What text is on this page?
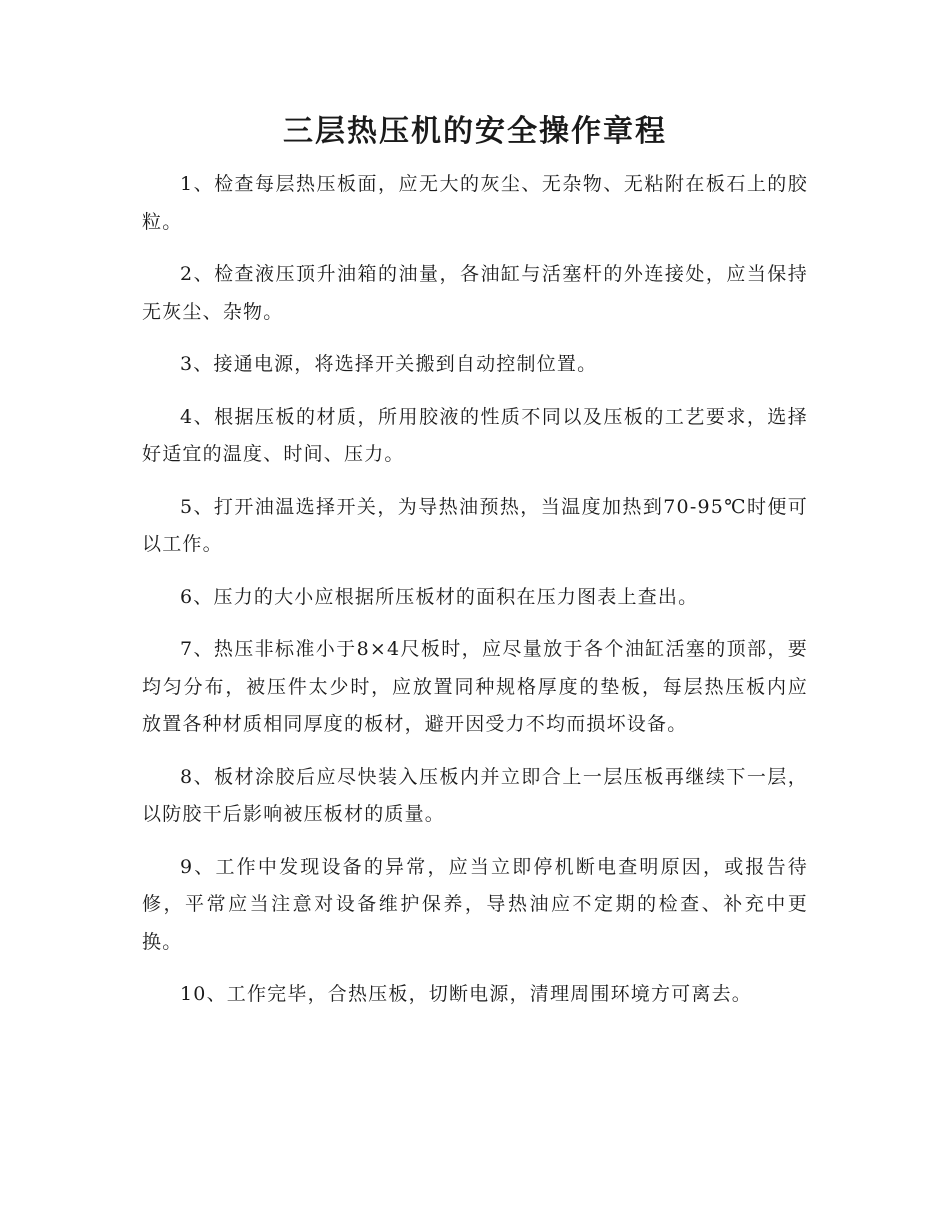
三层热压机的安全操作章程

1、检查每层热压板面，应无大的灰尘、无杂物、无粘附在板石上的胶粒。

2、检查液压顶升油箱的油量，各油缸与活塞杆的外连接处，应当保持无灰尘、杂物。

3、接通电源，将选择开关搬到自动控制位置。

4、根据压板的材质，所用胶液的性质不同以及压板的工艺要求，选择好适宜的温度、时间、压力。

5、打开油温选择开关，为导热油预热，当温度加热到70-95℃时便可以工作。

6、压力的大小应根据所压板材的面积在压力图表上查出。

7、热压非标准小于8×4尺板时，应尽量放于各个油缸活塞的顶部，要均匀分布，被压件太少时，应放置同种规格厚度的垫板，每层热压板内应放置各种材质相同厚度的板材，避开因受力不均而损坏设备。

8、板材涂胶后应尽快装入压板内并立即合上一层压板再继续下一层，以防胶干后影响被压板材的质量。

9、工作中发现设备的异常，应当立即停机断电查明原因，或报告待修，平常应当注意对设备维护保养，导热油应不定期的检查、补充中更换。

10、工作完毕，合热压板，切断电源，清理周围环境方可离去。
